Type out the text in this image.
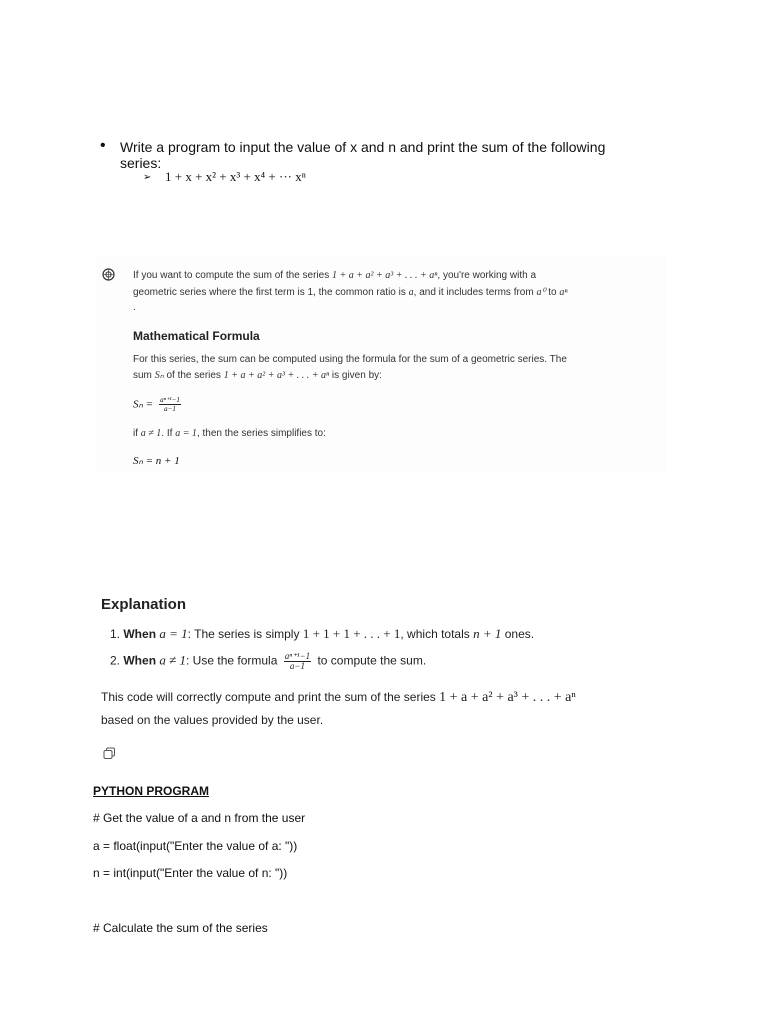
• Write a program to input the value of x and n and print the sum of the following
series:
➢ 1 + x + x² + x³ + x⁴ + ··· xⁿ
If you want to compute the sum of the series 1 + a + a² + a³ + . . . + aⁿ, you're working with a
geometric series where the first term is 1, the common ratio is a, and it includes terms from a⁰ to aⁿ
.
Mathematical Formula
For this series, the sum can be computed using the formula for the sum of a geometric series. The
sum Sₙ of the series 1 + a + a² + a³ + . . . + aⁿ is given by:
$S_n = \frac{\text{aⁿ⁺¹−1}}{a-1}$
if a ≠ 1. If a = 1, then the series simplifies to:
Sₙ = n + 1
Explanation
1. When a = 1: The series is simply 1 + 1 + 1 + . . . + 1, which totals n + 1 ones.
2. When a ≠ 1: Use the formula $\frac{\text{aⁿ⁺¹−1}}{a-1}$ to compute the sum.
This code will correctly compute and print the sum of the series 1 + a + a² + a³ + . . . + aⁿ
based on the values provided by the user.
PYTHON PROGRAM
# Get the value of a and n from the user
a = float(input("Enter the value of a: "))
n = int(input("Enter the value of n: "))
# Calculate the sum of the series
